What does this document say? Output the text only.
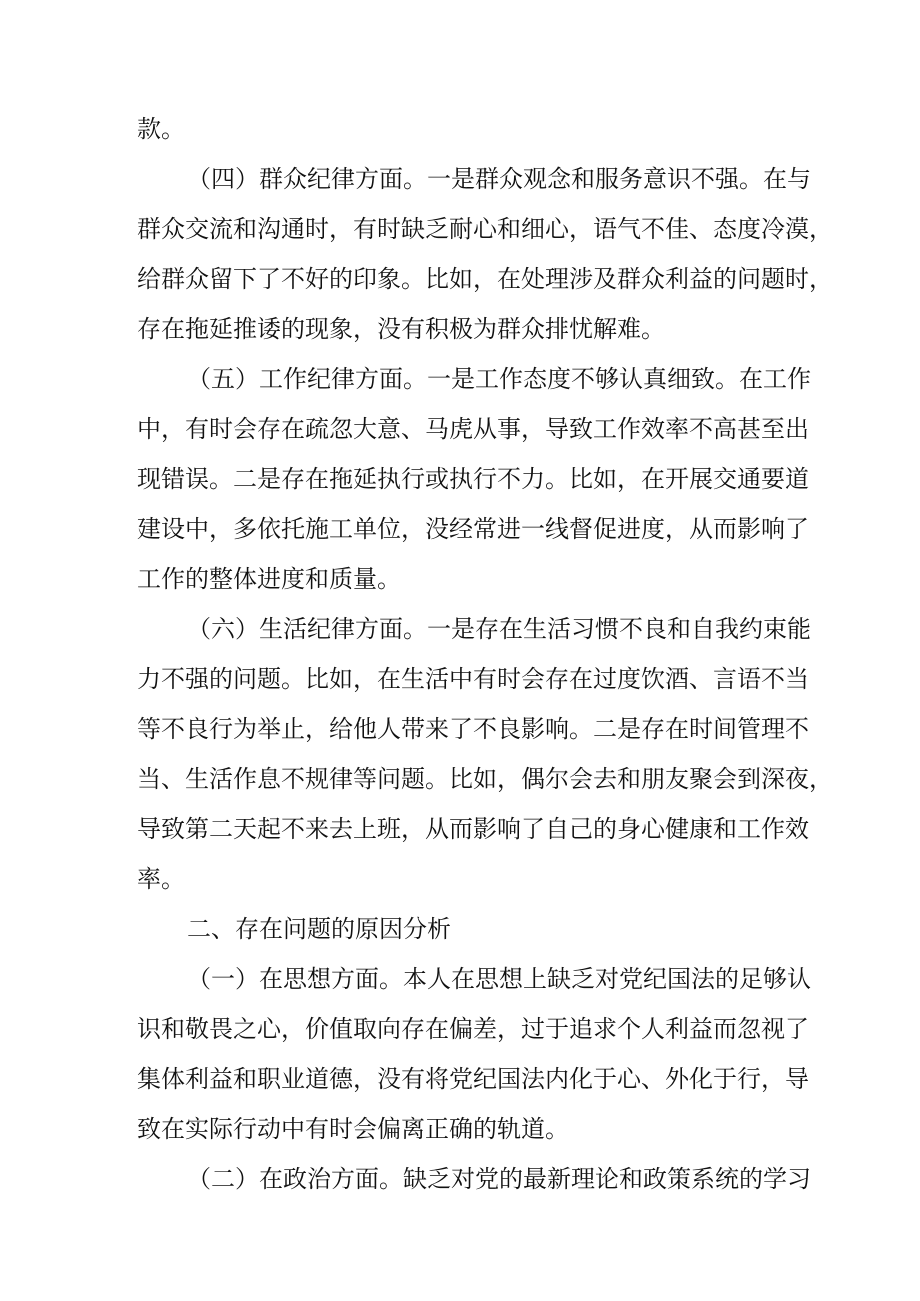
款。
（四）群众纪律方面。一是群众观念和服务意识不强。在与
群众交流和沟通时，有时缺乏耐心和细心，语气不佳、态度冷漠，
给群众留下了不好的印象。比如，在处理涉及群众利益的问题时，
存在拖延推诿的现象，没有积极为群众排忧解难。
（五）工作纪律方面。一是工作态度不够认真细致。在工作
中，有时会存在疏忽大意、马虎从事，导致工作效率不高甚至出
现错误。二是存在拖延执行或执行不力。比如，在开展交通要道
建设中，多依托施工单位，没经常进一线督促进度，从而影响了
工作的整体进度和质量。
（六）生活纪律方面。一是存在生活习惯不良和自我约束能
力不强的问题。比如，在生活中有时会存在过度饮酒、言语不当
等不良行为举止，给他人带来了不良影响。二是存在时间管理不
当、生活作息不规律等问题。比如，偶尔会去和朋友聚会到深夜，
导致第二天起不来去上班，从而影响了自己的身心健康和工作效
率。
二、存在问题的原因分析
（一）在思想方面。本人在思想上缺乏对党纪国法的足够认
识和敬畏之心，价值取向存在偏差，过于追求个人利益而忽视了
集体利益和职业道德，没有将党纪国法内化于心、外化于行，导
致在实际行动中有时会偏离正确的轨道。
（二）在政治方面。缺乏对党的最新理论和政策系统的学习
